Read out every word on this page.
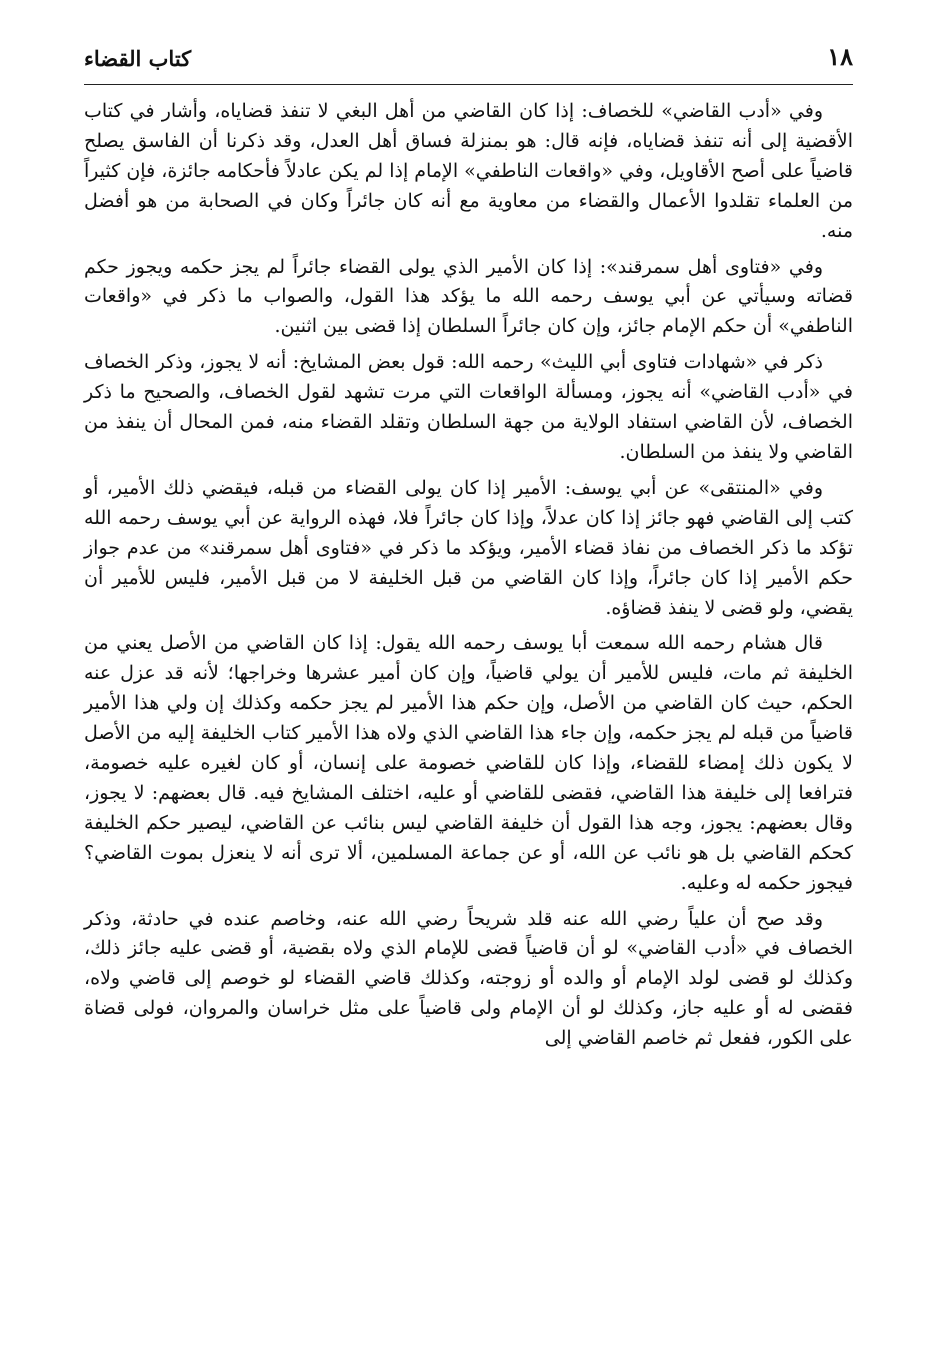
١٨
كتاب القضاء

وفي «أدب القاضي» للخصاف: إذا كان القاضي من أهل البغي لا تنفذ قضاياه، وأشار في كتاب الأقضية إلى أنه تنفذ قضاياه، فإنه قال: هو بمنزلة فساق أهل العدل، وقد ذكرنا أن الفاسق يصلح قاضياً على أصح الأقاويل، وفي «واقعات الناطفي» الإمام إذا لم يكن عادلاً فأحكامه جائزة، فإن كثيراً من العلماء تقلدوا الأعمال والقضاء من معاوية مع أنه كان جائراً وكان في الصحابة من هو أفضل منه.

وفي «فتاوى أهل سمرقند»: إذا كان الأمير الذي يولى القضاء جائراً لم يجز حكمه ويجوز حكم قضاته وسيأتي عن أبي يوسف رحمه الله ما يؤكد هذا القول، والصواب ما ذكر في «واقعات الناطفي» أن حكم الإمام جائز، وإن كان جائراً السلطان إذا قضى بين اثنين.

ذكر في «شهادات فتاوى أبي الليث» رحمه الله: قول بعض المشايخ: أنه لا يجوز، وذكر الخصاف في «أدب القاضي» أنه يجوز، ومسألة الواقعات التي مرت تشهد لقول الخصاف، والصحيح ما ذكر الخصاف، لأن القاضي استفاد الولاية من جهة السلطان وتقلد القضاء منه، فمن المحال أن ينفذ من القاضي ولا ينفذ من السلطان.

وفي «المنتقى» عن أبي يوسف: الأمير إذا كان يولى القضاء من قبله، فيقضي ذلك الأمير، أو كتب إلى القاضي فهو جائز إذا كان عدلاً، وإذا كان جائراً فلا، فهذه الرواية عن أبي يوسف رحمه الله تؤكد ما ذكر الخصاف من نفاذ قضاء الأمير، ويؤكد ما ذكر في «فتاوى أهل سمرقند» من عدم جواز حكم الأمير إذا كان جائراً، وإذا كان القاضي من قبل الخليفة لا من قبل الأمير، فليس للأمير أن يقضي، ولو قضى لا ينفذ قضاؤه.

قال هشام رحمه الله سمعت أبا يوسف رحمه الله يقول: إذا كان القاضي من الأصل يعني من الخليفة ثم مات، فليس للأمير أن يولي قاضياً، وإن كان أمير عشرها وخراجها؛ لأنه قد عزل عنه الحكم، حيث كان القاضي من الأصل، وإن حكم هذا الأمير لم يجز حكمه وكذلك إن ولي هذا الأمير قاضياً من قبله لم يجز حكمه، وإن جاء هذا القاضي الذي ولاه هذا الأمير كتاب الخليفة إليه من الأصل لا يكون ذلك إمضاء للقضاء، وإذا كان للقاضي خصومة على إنسان، أو كان لغيره عليه خصومة، فترافعا إلى خليفة هذا القاضي، فقضى للقاضي أو عليه، اختلف المشايخ فيه. قال بعضهم: لا يجوز، وقال بعضهم: يجوز، وجه هذا القول أن خليفة القاضي ليس بنائب عن القاضي، ليصير حكم الخليفة كحكم القاضي بل هو نائب عن الله، أو عن جماعة المسلمين، ألا ترى أنه لا ينعزل بموت القاضي؟ فيجوز حكمه له وعليه.

وقد صح أن علياً رضي الله عنه قلد شريحاً رضي الله عنه، وخاصم عنده في حادثة، وذكر الخصاف في «أدب القاضي» لو أن قاضياً قضى للإمام الذي ولاه بقضية، أو قضى عليه جائز ذلك، وكذلك لو قضى لولد الإمام أو والده أو زوجته، وكذلك قاضي القضاء لو خوصم إلى قاضي ولاه، فقضى له أو عليه جاز، وكذلك لو أن الإمام ولى قاضياً على مثل خراسان والمروان، فولى قضاة على الكور، ففعل ثم خاصم القاضي إلى
